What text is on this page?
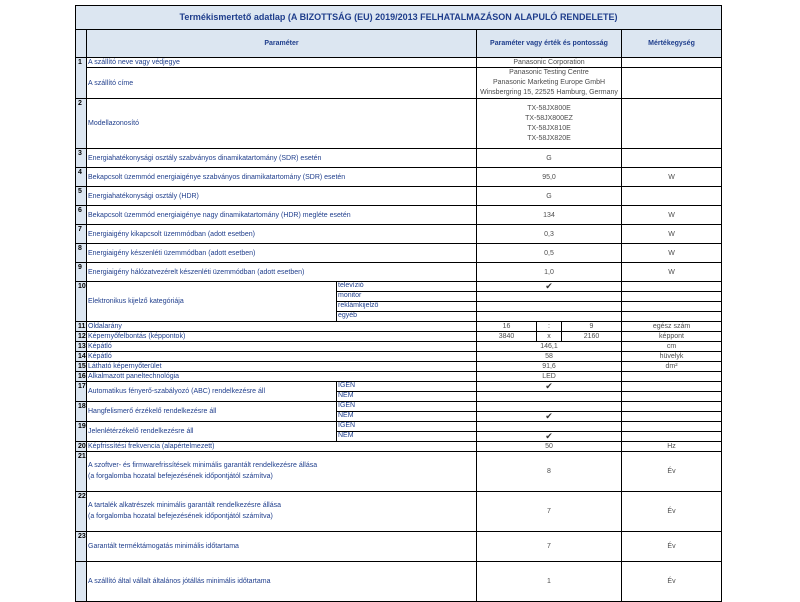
Termékismertető adatlap (A BIZOTTSÁG (EU) 2019/2013 FELHATALMAZÁSON ALAPULÓ RENDELETE)						
	Paraméter		Paraméter vagy érték és pontosság			Mértékegység
1	A szállító neve vagy védjegye		Panasonic Corporation			
	A szállító címe		Panasonic Testing Centre
Panasonic Marketing Europe GmbH
Winsbergring 15, 22525 Hamburg, Germany			
2	Modellazonosító		TX-58JX800E
TX-58JX800EZ
TX-58JX810E
TX-58JX820E			
3	Energiahatékonysági osztály szabványos dinamikatartomány (SDR) esetén		G			
4	Bekapcsolt üzemmód energiaigénye szabványos dinamikatartomány (SDR) esetén		95,0			W
5	Energiahatékonysági osztály (HDR)		G			
6	Bekapcsolt üzemmód energiaigénye nagy dinamikatartomány (HDR) megléte esetén		134			W
7	Energiaigény kikapcsolt üzemmódban (adott esetben)		0,3			W
8	Energiaigény készenléti üzemmódban (adott esetben)		0,5			W
9	Energiaigény hálózatvezérelt készenléti üzemmódban (adott esetben)		1,0			W
10	Elektronikus kijelző kategóriája	televízió	✔			
		monitor				
		reklámkijelző				
		egyéb				
11	Oldalarány		16	:	9	egész szám
12	Képernyőfelbontás (képpontok)		3840	x	2160	képpont
13	Képátló		146,1			cm
14	Képátló		58			hüvelyk
15	Látható képernyőterület		91,6			dm²
16	Alkalmazott paneltechnológia		LED			
17	Automatikus fényerő-szabályozó (ABC) rendelkezésre áll	IGEN	✔			
		NEM				
18	Hangfelismerő érzékelő rendelkezésre áll	IGEN				
		NEM	✔			
19	Jelenlétérzékelő rendelkezésre áll	IGEN				
		NEM	✔			
20	Képfrissítési frekvencia (alapértelmezett)		50			Hz
21	A szoftver- és firmwarefrissítések minimális garantált rendelkezésre állása
(a forgalomba hozatal befejezésének időpontjától számítva)		8			Év
22	A tartalék alkatrészek minimális garantált rendelkezésre állása
(a forgalomba hozatal befejezésének időpontjától számítva)		7			Év
23	Garantált terméktámogatás minimális időtartama		7			Év
	A szállító által vállalt általános jótállás minimális időtartama		1			Év
